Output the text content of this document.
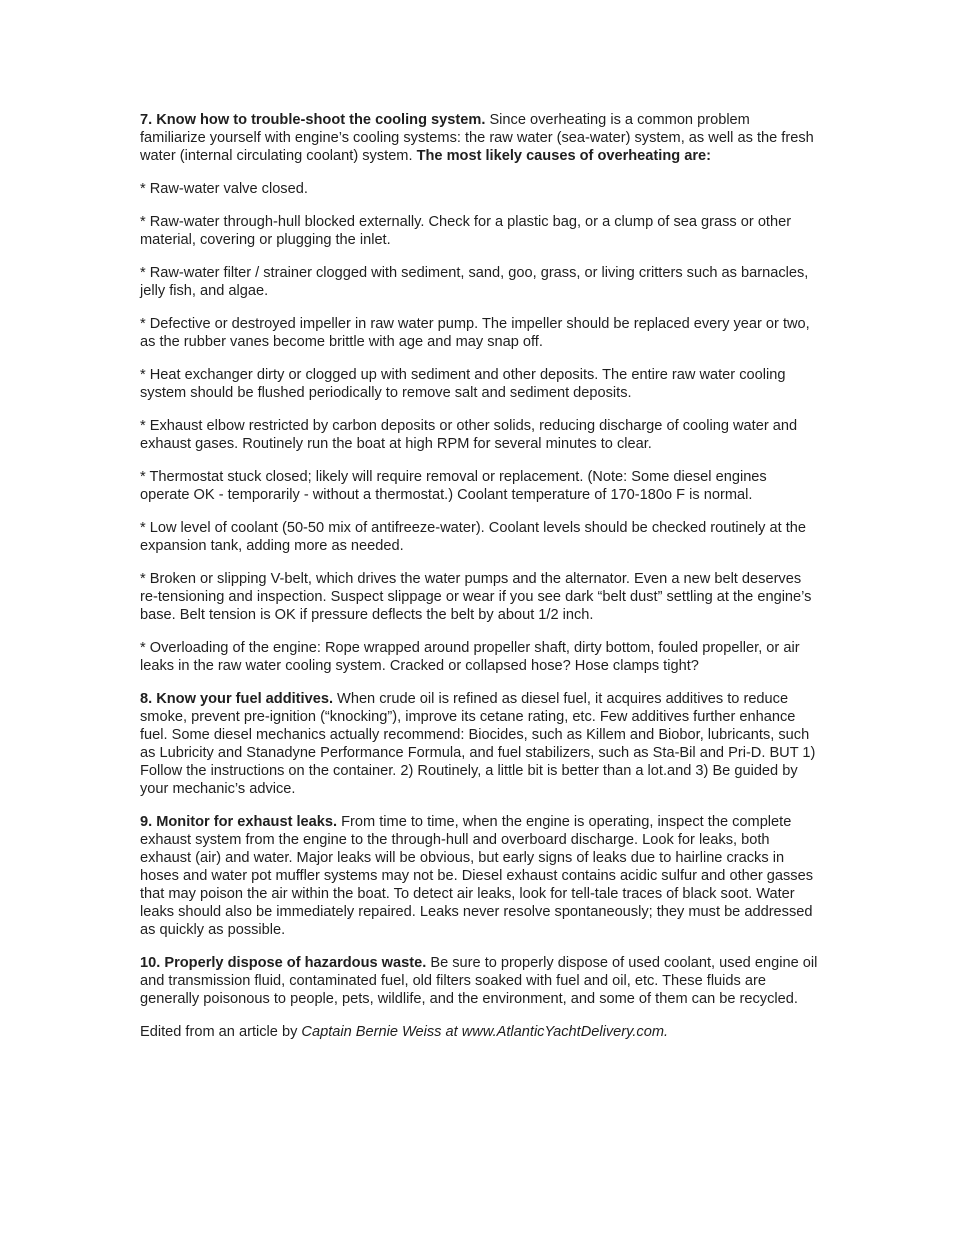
7. Know how to trouble-shoot the cooling system. Since overheating is a common problem familiarize yourself with engine’s cooling systems: the raw water (sea-water) system, as well as the fresh water (internal circulating coolant) system. The most likely causes of overheating are:

* Raw-water valve closed.

* Raw-water through-hull blocked externally. Check for a plastic bag, or a clump of sea grass or other material, covering or plugging the inlet.

* Raw-water filter / strainer clogged with sediment, sand, goo, grass, or living critters such as barnacles, jelly fish, and algae.

* Defective or destroyed impeller in raw water pump. The impeller should be replaced every year or two, as the rubber vanes become brittle with age and may snap off.

* Heat exchanger dirty or clogged up with sediment and other deposits. The entire raw water cooling system should be flushed periodically to remove salt and sediment deposits.

* Exhaust elbow restricted by carbon deposits or other solids, reducing discharge of cooling water and exhaust gases. Routinely run the boat at high RPM for several minutes to clear.

* Thermostat stuck closed; likely will require removal or replacement. (Note: Some diesel engines operate OK - temporarily - without a thermostat.) Coolant temperature of 170-180o F is normal.

* Low level of coolant (50-50 mix of antifreeze-water). Coolant levels should be checked routinely at the expansion tank, adding more as needed.

* Broken or slipping V-belt, which drives the water pumps and the alternator. Even a new belt deserves re-tensioning and inspection. Suspect slippage or wear if you see dark “belt dust” settling at the engine’s base. Belt tension is OK if pressure deflects the belt by about 1/2 inch.

* Overloading of the engine: Rope wrapped around propeller shaft, dirty bottom, fouled propeller, or air leaks in the raw water cooling system. Cracked or collapsed hose? Hose clamps tight?

8. Know your fuel additives. When crude oil is refined as diesel fuel, it acquires additives to reduce smoke, prevent pre-ignition (“knocking”), improve its cetane rating, etc. Few additives further enhance fuel. Some diesel mechanics actually recommend: Biocides, such as Killem and Biobor, lubricants, such as Lubricity and Stanadyne Performance Formula, and fuel stabilizers, such as Sta-Bil and Pri-D. BUT 1) Follow the instructions on the container. 2) Routinely, a little bit is better than a lot.and 3) Be guided by your mechanic’s advice.

9. Monitor for exhaust leaks. From time to time, when the engine is operating, inspect the complete exhaust system from the engine to the through-hull and overboard discharge. Look for leaks, both exhaust (air) and water. Major leaks will be obvious, but early signs of leaks due to hairline cracks in hoses and water pot muffler systems may not be. Diesel exhaust contains acidic sulfur and other gasses that may poison the air within the boat. To detect air leaks, look for tell-tale traces of black soot. Water leaks should also be immediately repaired. Leaks never resolve spontaneously; they must be addressed as quickly as possible.

10. Properly dispose of hazardous waste. Be sure to properly dispose of used coolant, used engine oil and transmission fluid, contaminated fuel, old filters soaked with fuel and oil, etc. These fluids are generally poisonous to people, pets, wildlife, and the environment, and some of them can be recycled.

Edited from an article by Captain Bernie Weiss at www.AtlanticYachtDelivery.com.
